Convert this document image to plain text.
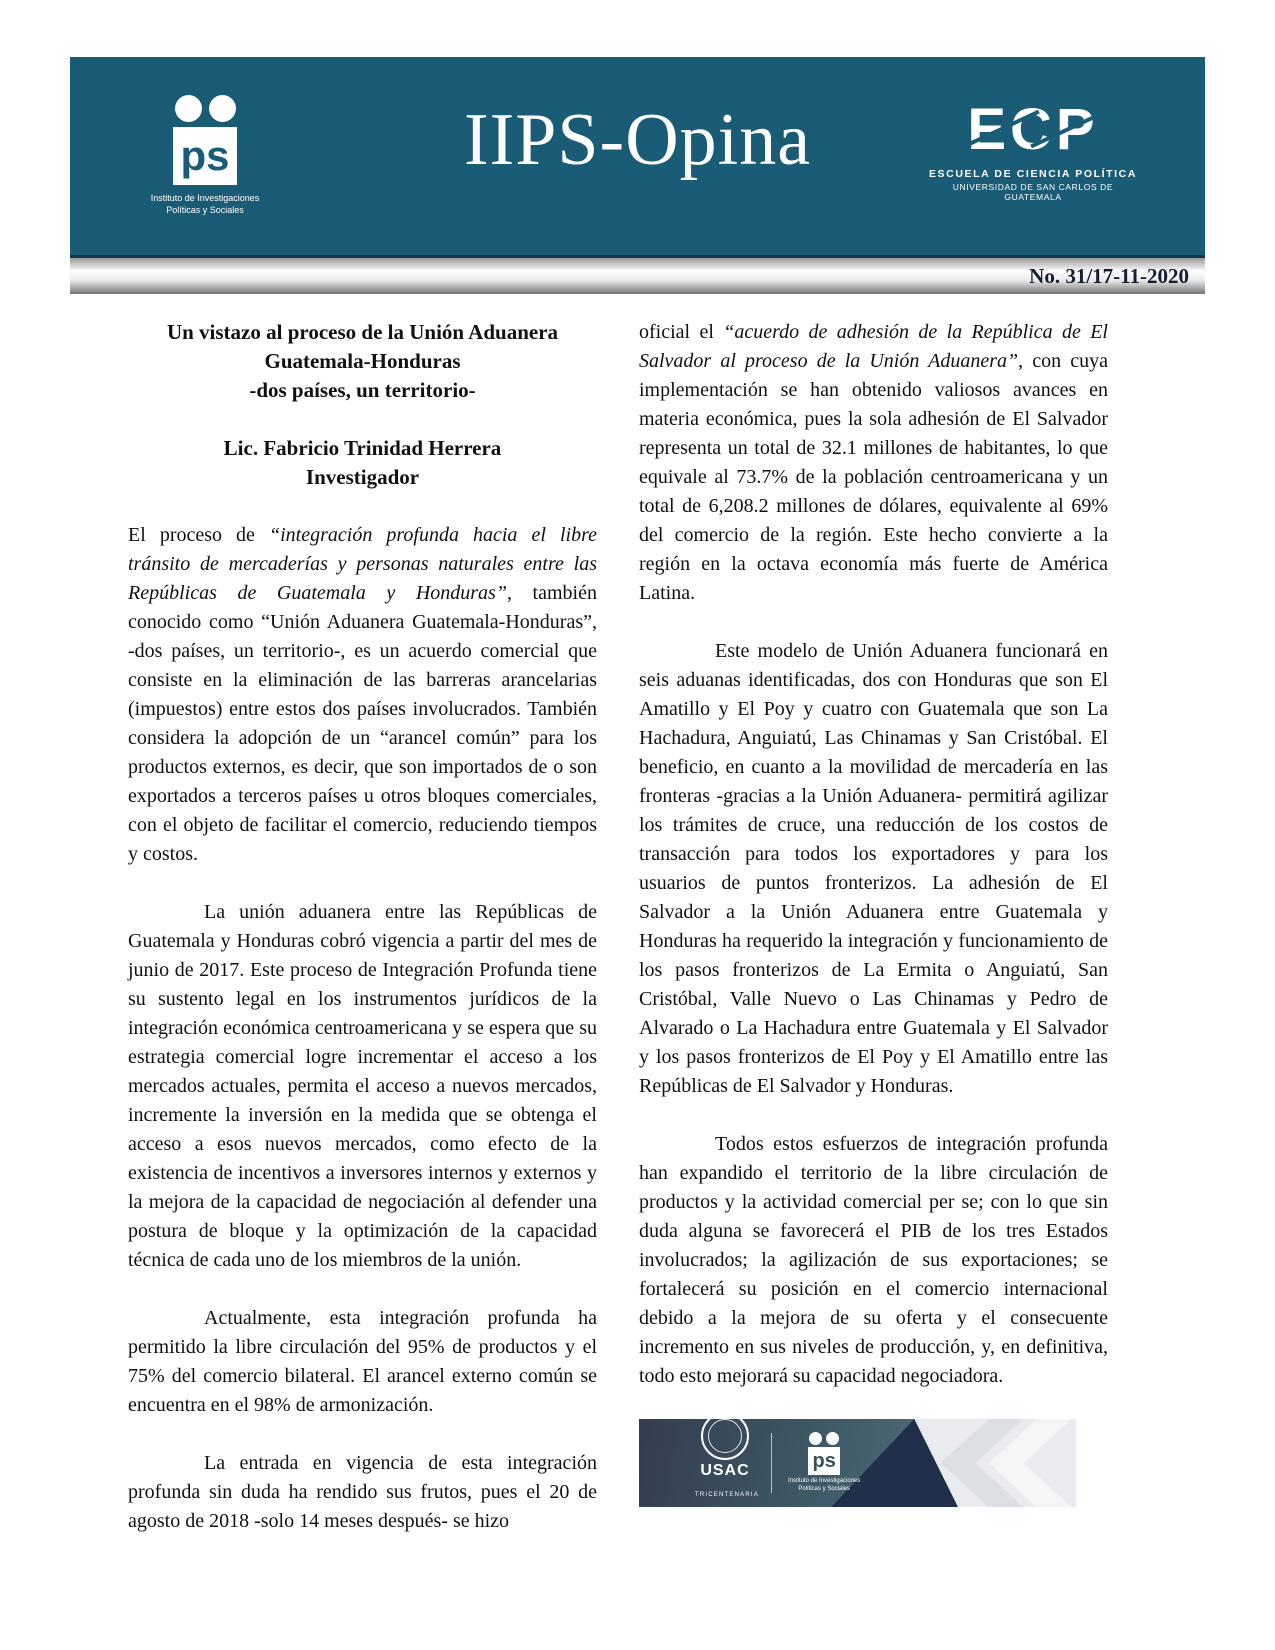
ps
Instituto de Investigaciones
Políticas y Sociales
IIPS-Opina	ECP
ESCUELA DE CIENCIA POLÍTICA
UNIVERSIDAD DE SAN CARLOS DE GUATEMALA
No. 31/17-11-2020
Un vistazo al proceso de la Unión Aduanera
Guatemala-Honduras
-dos países, un territorio-
Lic. Fabricio Trinidad Herrera
Investigador

El proceso de “integración profunda hacia el libre tránsito de mercaderías y personas naturales entre las Repúblicas de Guatemala y Honduras”, también conocido como “Unión Aduanera Guatemala-Honduras”, -dos países, un territorio-, es un acuerdo comercial que consiste en la eliminación de las barreras arancelarias (impuestos) entre estos dos países involucrados. También considera la adopción de un “arancel común” para los productos externos, es decir, que son importados de o son exportados a terceros países u otros bloques comerciales, con el objeto de facilitar el comercio, reduciendo tiempos y costos.

La unión aduanera entre las Repúblicas de Guatemala y Honduras cobró vigencia a partir del mes de junio de 2017. Este proceso de Integración Profunda tiene su sustento legal en los instrumentos jurídicos de la integración económica centroamericana y se espera que su estrategia comercial logre incrementar el acceso a los mercados actuales, permita el acceso a nuevos mercados, incremente la inversión en la medida que se obtenga el acceso a esos nuevos mercados, como efecto de la existencia de incentivos a inversores internos y externos y la mejora de la capacidad de negociación al defender una postura de bloque y la optimización de la capacidad técnica de cada uno de los miembros de la unión.

Actualmente, esta integración profunda ha permitido la libre circulación del 95% de productos y el 75% del comercio bilateral. El arancel externo común se encuentra en el 98% de armonización.

La entrada en vigencia de esta integración profunda sin duda ha rendido sus frutos, pues el 20 de agosto de 2018 -solo 14 meses después- se hizo

oficial el “acuerdo de adhesión de la República de El Salvador al proceso de la Unión Aduanera”, con cuya implementación se han obtenido valiosos avances en materia económica, pues la sola adhesión de El Salvador representa un total de 32.1 millones de habitantes, lo que equivale al 73.7% de la población centroamericana y un total de 6,208.2 millones de dólares, equivalente al 69% del comercio de la región. Este hecho convierte a la región en la octava economía más fuerte de América Latina.

Este modelo de Unión Aduanera funcionará en seis aduanas identificadas, dos con Honduras que son El Amatillo y El Poy y cuatro con Guatemala que son La Hachadura, Anguiatú, Las Chinamas y San Cristóbal. El beneficio, en cuanto a la movilidad de mercadería en las fronteras -gracias a la Unión Aduanera- permitirá agilizar los trámites de cruce, una reducción de los costos de transacción para todos los exportadores y para los usuarios de puntos fronterizos. La adhesión de El Salvador a la Unión Aduanera entre Guatemala y Honduras ha requerido la integración y funcionamiento de los pasos fronterizos de La Ermita o Anguiatú, San Cristóbal, Valle Nuevo o Las Chinamas y Pedro de Alvarado o La Hachadura entre Guatemala y El Salvador y los pasos fronterizos de El Poy y El Amatillo entre las Repúblicas de El Salvador y Honduras.

Todos estos esfuerzos de integración profunda han expandido el territorio de la libre circulación de productos y la actividad comercial per se; con lo que sin duda alguna se favorecerá el PIB de los tres Estados involucrados; la agilización de sus exportaciones; se fortalecerá su posición en el comercio internacional debido a la mejora de su oferta y el consecuente incremento en sus niveles de producción, y, en definitiva, todo esto mejorará su capacidad negociadora.

USAC
TRICENTENARIA
ps
Instituto de Investigaciones
Políticas y Sociales
